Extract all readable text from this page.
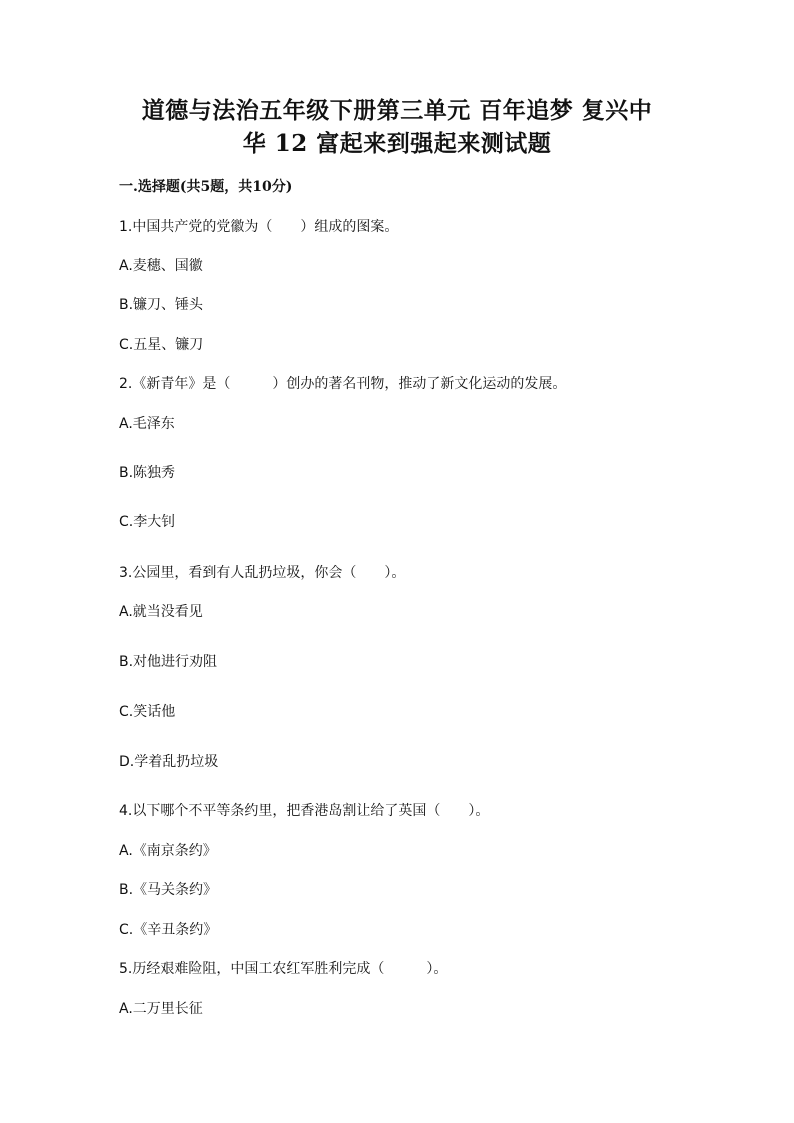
道德与法治五年级下册第三单元 百年追梦 复兴中
华 12 富起来到强起来测试题
一.选择题(共5题，共10分)
1.中国共产党的党徽为（　　）组成的图案。
A.麦穗、国徽
B.镰刀、锤头
C.五星、镰刀
2.《新青年》是（　　　）创办的著名刊物，推动了新文化运动的发展。
A.毛泽东
B.陈独秀
C.李大钊
3.公园里，看到有人乱扔垃圾，你会（　　）。
A.就当没看见
B.对他进行劝阻
C.笑话他
D.学着乱扔垃圾
4.以下哪个不平等条约里，把香港岛割让给了英国（　　）。
A.《南京条约》
B.《马关条约》
C.《辛丑条约》
5.历经艰难险阻，中国工农红军胜利完成（　　　）。
A.二万里长征
